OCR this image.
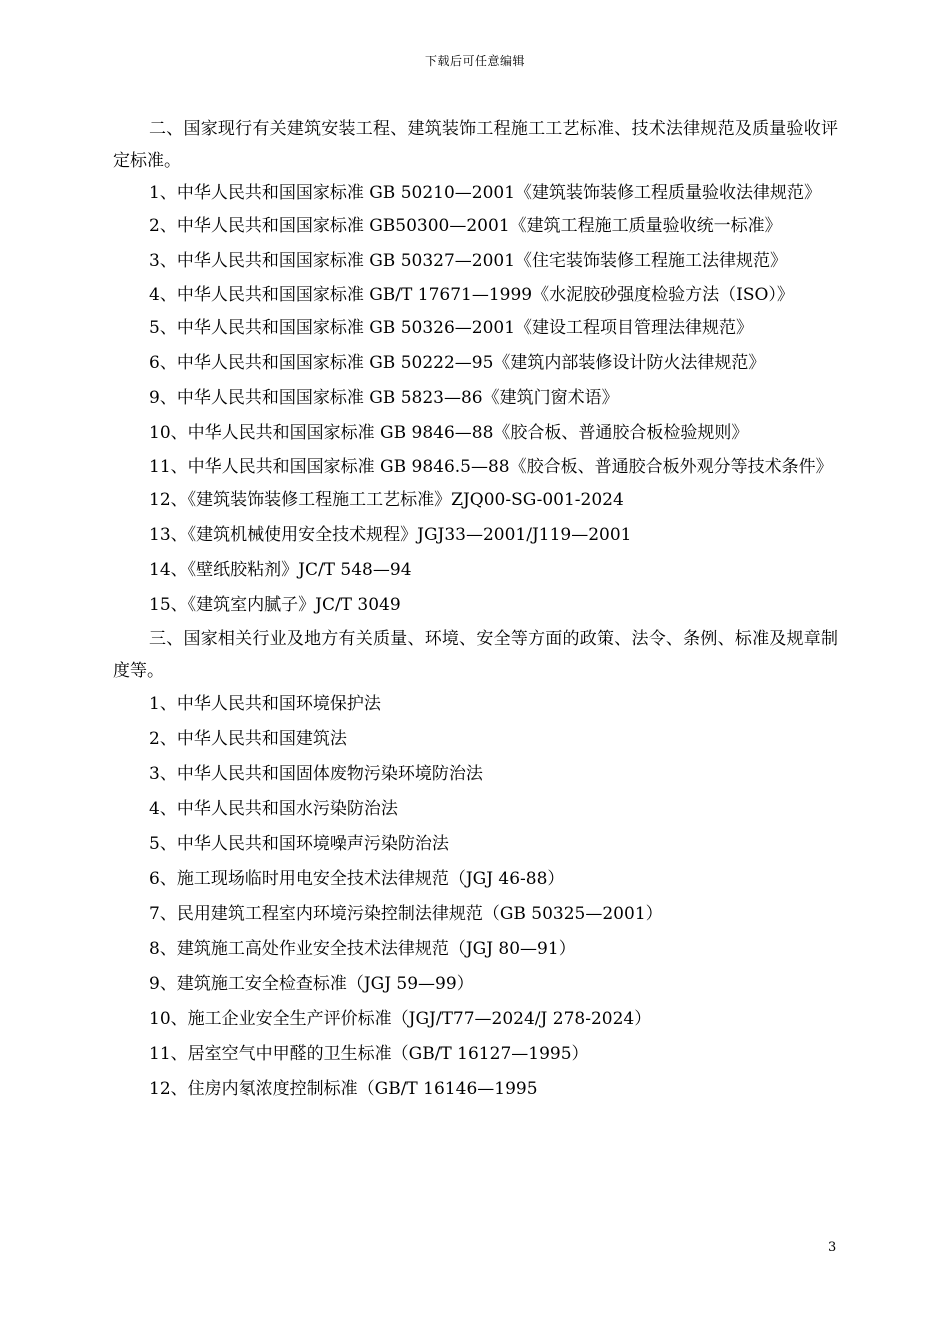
下载后可任意编辑

二、国家现行有关建筑安装工程、建筑装饰工程施工工艺标准、技术法律规范及质量验收评定标准。

1、中华人民共和国国家标准 GB 50210—2001《建筑装饰装修工程质量验收法律规范》

2、中华人民共和国国家标准 GB50300—2001《建筑工程施工质量验收统一标准》

3、中华人民共和国国家标准 GB 50327—2001《住宅装饰装修工程施工法律规范》

4、中华人民共和国国家标准 GB/T 17671—1999《水泥胶砂强度检验方法（ISO）》

5、中华人民共和国国家标准 GB 50326—2001《建设工程项目管理法律规范》

6、中华人民共和国国家标准 GB 50222—95《建筑内部装修设计防火法律规范》

9、中华人民共和国国家标准 GB 5823—86《建筑门窗术语》

10、中华人民共和国国家标准 GB 9846—88《胶合板、普通胶合板检验规则》

11、中华人民共和国国家标准 GB 9846.5—88《胶合板、普通胶合板外观分等技术条件》

12、《建筑装饰装修工程施工工艺标准》ZJQ00-SG-001-2024

13、《建筑机械使用安全技术规程》JGJ33—2001/J119—2001

14、《壁纸胶粘剂》JC/T 548—94

15、《建筑室内腻子》JC/T 3049

三、国家相关行业及地方有关质量、环境、安全等方面的政策、法令、条例、标准及规章制度等。

1、中华人民共和国环境保护法

2、中华人民共和国建筑法

3、中华人民共和国固体废物污染环境防治法

4、中华人民共和国水污染防治法

5、中华人民共和国环境噪声污染防治法

6、施工现场临时用电安全技术法律规范（JGJ 46-88）

7、民用建筑工程室内环境污染控制法律规范（GB 50325—2001）

8、建筑施工高处作业安全技术法律规范（JGJ 80—91）

9、建筑施工安全检查标准（JGJ 59—99）

10、施工企业安全生产评价标准（JGJ/T77—2024/J 278-2024）

11、居室空气中甲醛的卫生标准（GB/T 16127—1995）

12、住房内氡浓度控制标准（GB/T 16146—1995

3
